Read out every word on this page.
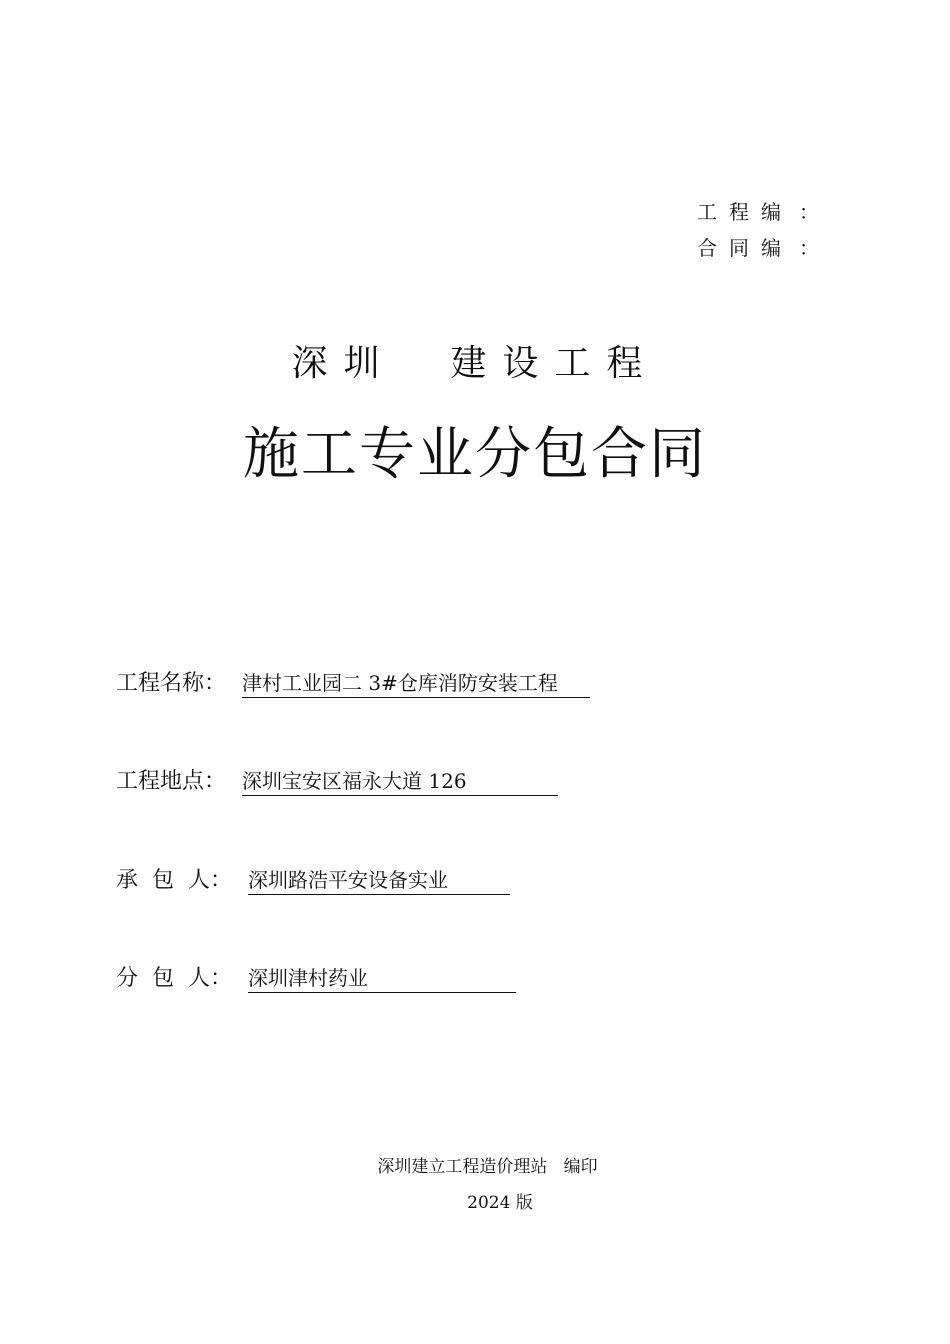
工程编 ：
合同编 ：
深圳  建设工程
施工专业分包合同
工程名称： 津村工业园二 3#仓库消防安装工程
工程地点： 深圳宝安区福永大道 126
承  包  人： 深圳路浩平安设备实业
分  包  人： 深圳津村药业
深圳建立工程造价理站   编印
2024 版
